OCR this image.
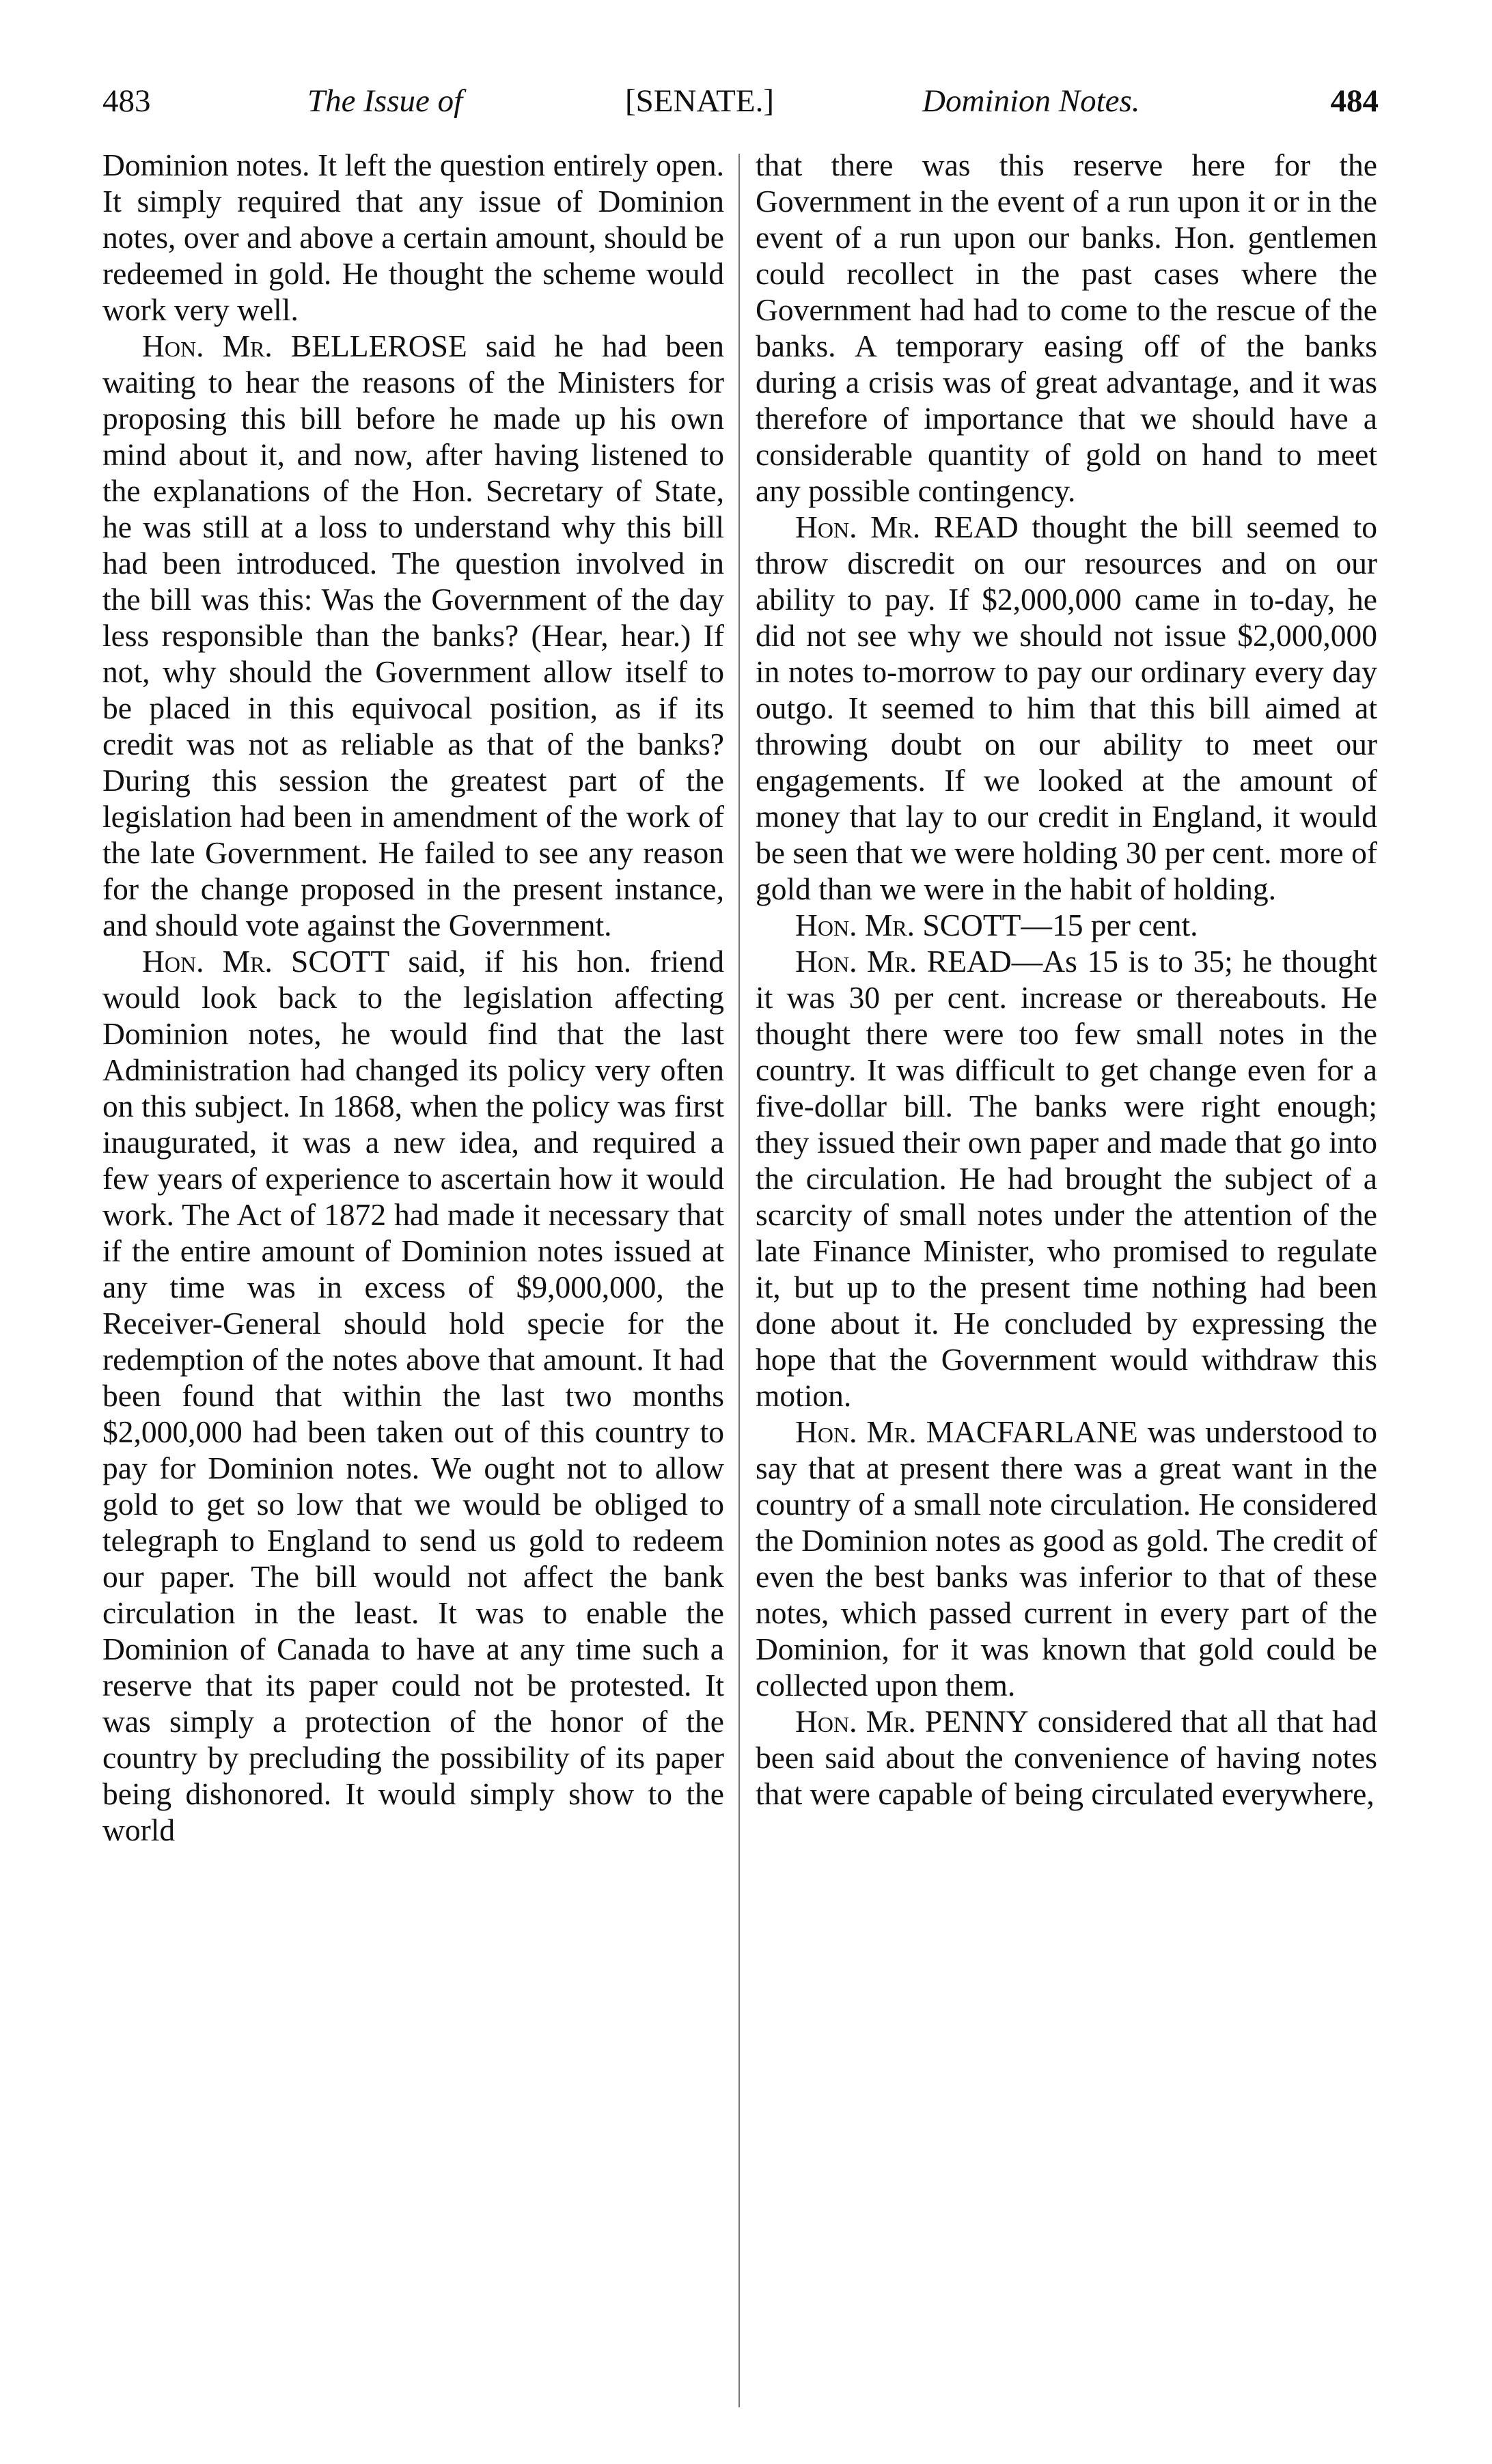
483	The Issue of	[SENATE.]	Dominion Notes.	484

Dominion notes. It left the question entirely open. It simply required that any issue of Dominion notes, over and above a certain amount, should be redeemed in gold. He thought the scheme would work very well.

Hon. Mr. BELLEROSE said he had been waiting to hear the reasons of the Ministers for proposing this bill before he made up his own mind about it, and now, after having listened to the explanations of the Hon. Secretary of State, he was still at a loss to understand why this bill had been introduced. The question involved in the bill was this: Was the Government of the day less responsible than the banks? (Hear, hear.) If not, why should the Government allow itself to be placed in this equivocal position, as if its credit was not as reliable as that of the banks? During this session the greatest part of the legislation had been in amendment of the work of the late Government. He failed to see any reason for the change proposed in the present instance, and should vote against the Government.

Hon. Mr. SCOTT said, if his hon. friend would look back to the legislation affecting Dominion notes, he would find that the last Administration had changed its policy very often on this subject. In 1868, when the policy was first inaugurated, it was a new idea, and required a few years of experience to ascertain how it would work. The Act of 1872 had made it necessary that if the entire amount of Dominion notes issued at any time was in excess of $9,000,000, the Receiver-General should hold specie for the redemption of the notes above that amount. It had been found that within the last two months $2,000,000 had been taken out of this country to pay for Dominion notes. We ought not to allow gold to get so low that we would be obliged to telegraph to England to send us gold to redeem our paper. The bill would not affect the bank circulation in the least. It was to enable the Dominion of Canada to have at any time such a reserve that its paper could not be protested. It was simply a protection of the honor of the country by precluding the possibility of its paper being dishonored. It would simply show to the world

that there was this reserve here for the Government in the event of a run upon it or in the event of a run upon our banks. Hon. gentlemen could recollect in the past cases where the Government had had to come to the rescue of the banks. A temporary easing off of the banks during a crisis was of great advantage, and it was therefore of importance that we should have a considerable quantity of gold on hand to meet any possible contingency.

Hon. Mr. READ thought the bill seemed to throw discredit on our resources and on our ability to pay. If $2,000,000 came in to-day, he did not see why we should not issue $2,000,000 in notes to-morrow to pay our ordinary every day outgo. It seemed to him that this bill aimed at throwing doubt on our ability to meet our engagements. If we looked at the amount of money that lay to our credit in England, it would be seen that we were holding 30 per cent. more of gold than we were in the habit of holding.

Hon. Mr. SCOTT—15 per cent.

Hon. Mr. READ—As 15 is to 35; he thought it was 30 per cent. increase or thereabouts. He thought there were too few small notes in the country. It was difficult to get change even for a five-dollar bill. The banks were right enough; they issued their own paper and made that go into the circulation. He had brought the subject of a scarcity of small notes under the attention of the late Finance Minister, who promised to regulate it, but up to the present time nothing had been done about it. He concluded by expressing the hope that the Government would withdraw this motion.

Hon. Mr. MACFARLANE was understood to say that at present there was a great want in the country of a small note circulation. He considered the Dominion notes as good as gold. The credit of even the best banks was inferior to that of these notes, which passed current in every part of the Dominion, for it was known that gold could be collected upon them.

Hon. Mr. PENNY considered that all that had been said about the convenience of having notes that were capable of being circulated everywhere,
